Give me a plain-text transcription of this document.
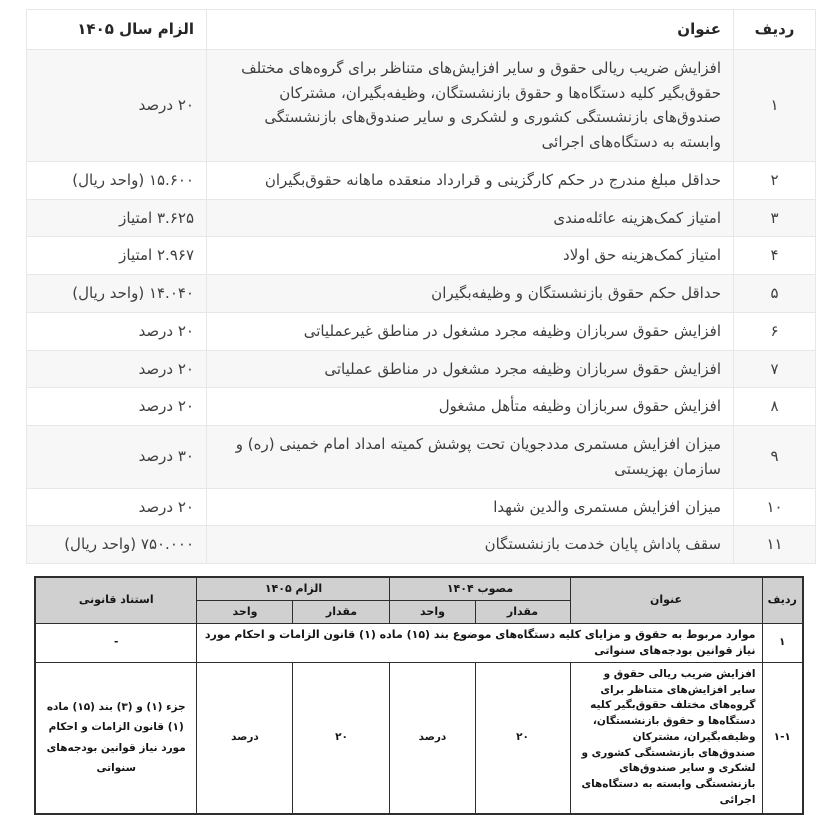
ردیف	عنوان	الزام سال ۱۴۰۵
۱	افزایش ضریب ریالی حقوق و سایر افزایش‌های متناظر برای گروه‌های مختلف حقوق‌بگیر کلیه دستگاه‌ها و حقوق بازنشستگان، وظیفه‌بگیران، مشترکان صندوق‌های بازنشستگی کشوری و لشکری و سایر صندوق‌های بازنشستگی وابسته به دستگاه‌های اجرائی	۲۰ درصد
۲	حداقل مبلغ مندرج در حکم کارگزینی و قرارداد منعقده ماهانه حقوق‌بگیران	۱۵.۶۰۰ (واحد ریال)
۳	امتیاز کمک‌هزینه عائله‌مندی	۳.۶۲۵ امتیاز
۴	امتیاز کمک‌هزینه حق اولاد	۲.۹۶۷ امتیاز
۵	حداقل حکم حقوق بازنشستگان و وظیفه‌بگیران	۱۴.۰۴۰ (واحد ریال)
۶	افزایش حقوق سربازان وظیفه مجرد مشغول در مناطق غیرعملیاتی	۲۰ درصد
۷	افزایش حقوق سربازان وظیفه مجرد مشغول در مناطق عملیاتی	۲۰ درصد
۸	افزایش حقوق سربازان وظیفه متأهل مشغول	۲۰ درصد
۹	میزان افزایش مستمری مددجویان تحت پوشش کمیته امداد امام خمینی (ره) و سازمان بهزیستی	۳۰ درصد
۱۰	میزان افزایش مستمری والدین شهدا	۲۰ درصد
۱۱	سقف پاداش پایان خدمت بازنشستگان	۷۵۰.۰۰۰ (واحد ریال)
ردیف	عنوان	مصوب ۱۴۰۴		الزام ۱۴۰۵		استناد قانونی
		مقدار	واحد	مقدار	واحد	
۱	موارد مربوط به حقوق و مزایای کلیه دستگاه‌های موضوع بند (۱۵) ماده (۱) قانون الزامات و احکام مورد نیاز قوانین بودجه‌های سنواتی					-
۱-۱	افزایش ضریب ریالی حقوق و سایر افزایش‌های متناظر برای گروه‌های مختلف حقوق‌بگیر کلیه دستگاه‌ها و حقوق بازنشستگان، وظیفه‌بگیران، مشترکان صندوق‌های بازنشستگی کشوری و لشکری و سایر صندوق‌های بازنشستگی وابسته به دستگاه‌های اجرائی	۲۰	درصد	۲۰	درصد	جزء (۱) و (۳) بند (۱۵) ماده (۱) قانون الزامات و احکام مورد نیاز قوانین بودجه‌های سنواتی
